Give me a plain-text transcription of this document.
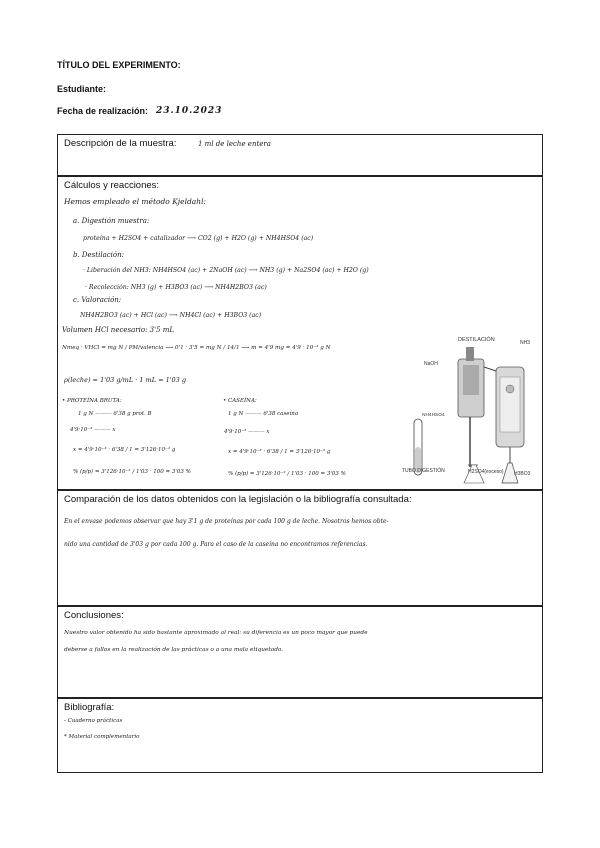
TÍTULO DEL EXPERIMENTO:
Estudiante:
Fecha de realización: 23.10.2023
Descripción de la muestra:	1 ml de leche entera
Cálculos y reacciones:
Hemos empleado el método Kjeldahl:
a. Digestión muestra:
proteína + H2SO4 + catalizador ⟶ CO2 (g) + H2O (g) + NH4HSO4 (ac)
b. Destilación:
· Liberación del NH3: NH4HSO4 (ac) + 2NaOH (ac) ⟶ NH3 (g) + Na2SO4 (ac) + H2O (g)
· Recolección: NH3 (g) + H3BO3 (ac) ⟶ NH4H2BO3 (ac)
c. Valoración:
NH4H2BO3 (ac) + HCl (ac) ⟶ NH4Cl (ac) + H3BO3 (ac)
Volumen HCl necesario: 3'5 mL
Nmeq · VHCl = mg N / PM/valencia ⟶ 0'1 · 3'5 = mg N / 14/1 ⟶ m = 4'9 mg = 4'9 · 10⁻³ g N
ρ(leche) = 1'03 g/mL · 1 mL = 1'03 g
• PROTEÍNA BRUTA:
1 g N ——— 6'38 g prot. B
4'9·10⁻³ ——— x
x = 4'9·10⁻³ · 6'38 / 1 = 3'126·10⁻² g
% (p/p) = 3'126·10⁻² / 1'03 · 100 = 3'03 %
• CASEÍNA:
1 g N ——— 6'38 caseína
4'9·10⁻³ ——— x
x = 4'9·10⁻³ · 6'38 / 1 = 3'126·10⁻² g
% (p/p) = 3'126·10⁻² / 1'03 · 100 = 3'03 %
DESTILACIÓN	NH3
NaOH
NH4HSO4
TUBO DIGESTIÓN	H2SO4(exceso) H3BO3
Comparación de los datos obtenidos con la legislación o la bibliografía consultada:
En el envase podemos observar que hay 3'1 g de proteínas por cada 100 g de leche. Nosotros hemos obte-
nido una cantidad de 3'03 g por cada 100 g. Para el caso de la caseína no encontramos referencias.
Conclusiones:
Nuestro valor obtenido ha sido bastante aproximado al real: su diferencia es un poco mayor que puede
deberse a fallos en la realización de las prácticas o a una mala etiquetado.
Bibliografía:
- Cuaderno prácticas
* Material complementario
